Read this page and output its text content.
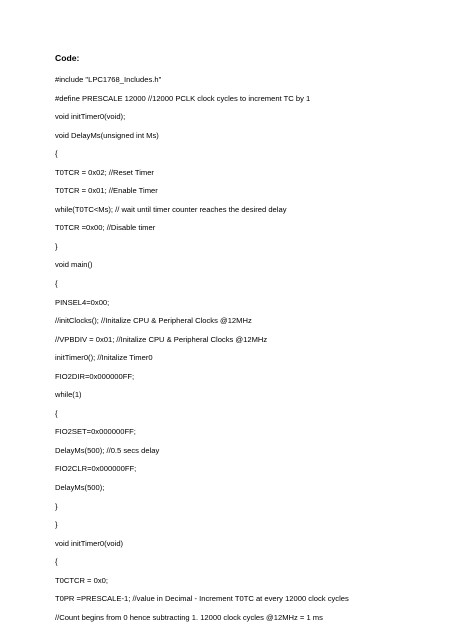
Code:
#include "LPC1768_Includes.h"
#define PRESCALE 12000 //12000 PCLK clock cycles to increment TC by 1
void initTimer0(void);
void DelayMs(unsigned int Ms)
{
T0TCR = 0x02; //Reset Timer
T0TCR = 0x01; //Enable Timer
while(T0TC<Ms); // wait until timer counter reaches the desired delay
T0TCR =0x00; //Disable timer
}
void main()
{
PINSEL4=0x00;
//initClocks(); //Initalize CPU & Peripheral Clocks @12MHz
//VPBDIV = 0x01; //Initalize CPU & Peripheral Clocks @12MHz
initTimer0(); //Initalize Timer0
FIO2DIR=0x000000FF;
while(1)
{
FIO2SET=0x000000FF;
DelayMs(500); //0.5 secs delay
FIO2CLR=0x000000FF;
DelayMs(500);
}
}
void initTimer0(void)
{
T0CTCR = 0x0;
T0PR =PRESCALE-1; //value in Decimal - Increment T0TC at every 12000 clock cycles
//Count begins from 0 hence subtracting 1. 12000 clock cycles @12MHz = 1 ms
